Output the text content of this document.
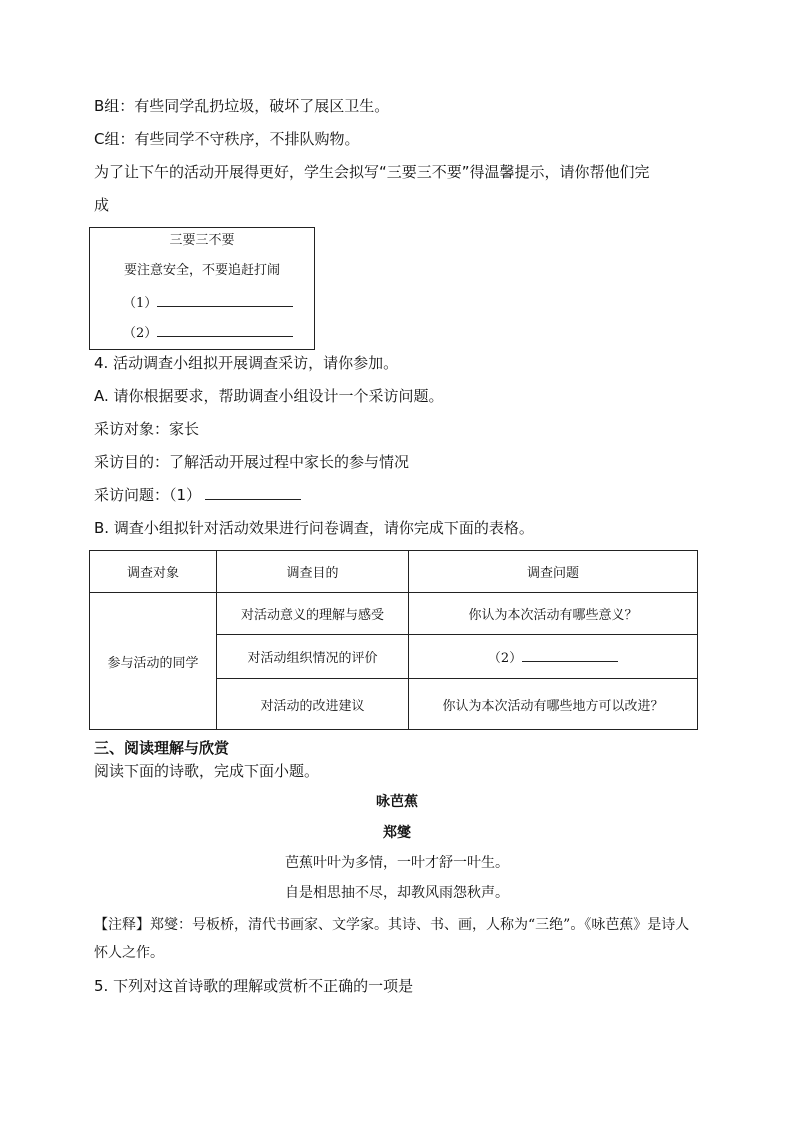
B组：有些同学乱扔垃圾，破坏了展区卫生。
C组：有些同学不守秩序，不排队购物。
为了让下午的活动开展得更好，学生会拟写“三要三不要”得温馨提示，请你帮他们完
成
三要三不要
要注意安全，不要追赶打闹
（1）
（2）
4. 活动调查小组拟开展调查采访，请你参加。
A. 请你根据要求，帮助调查小组设计一个采访问题。
采访对象：家长
采访目的：了解活动开展过程中家长的参与情况
采访问题：（1）
B. 调查小组拟针对活动效果进行问卷调查，请你完成下面的表格。
调查对象	调查目的	调查问题
参与活动的同学	对活动意义的理解与感受	你认为本次活动有哪些意义？
	对活动组织情况的评价	（2）
	对活动的改进建议	你认为本次活动有哪些地方可以改进？
三、阅读理解与欣赏
阅读下面的诗歌，完成下面小题。
咏芭蕉
郑燮
芭蕉叶叶为多情，一叶才舒一叶生。
自是相思抽不尽，却教风雨怨秋声。
【注释】郑燮：号板桥，清代书画家、文学家。其诗、书、画，人称为“三绝”。《咏芭蕉》是诗人怀人之作。
5. 下列对这首诗歌的理解或赏析不正确的一项是
